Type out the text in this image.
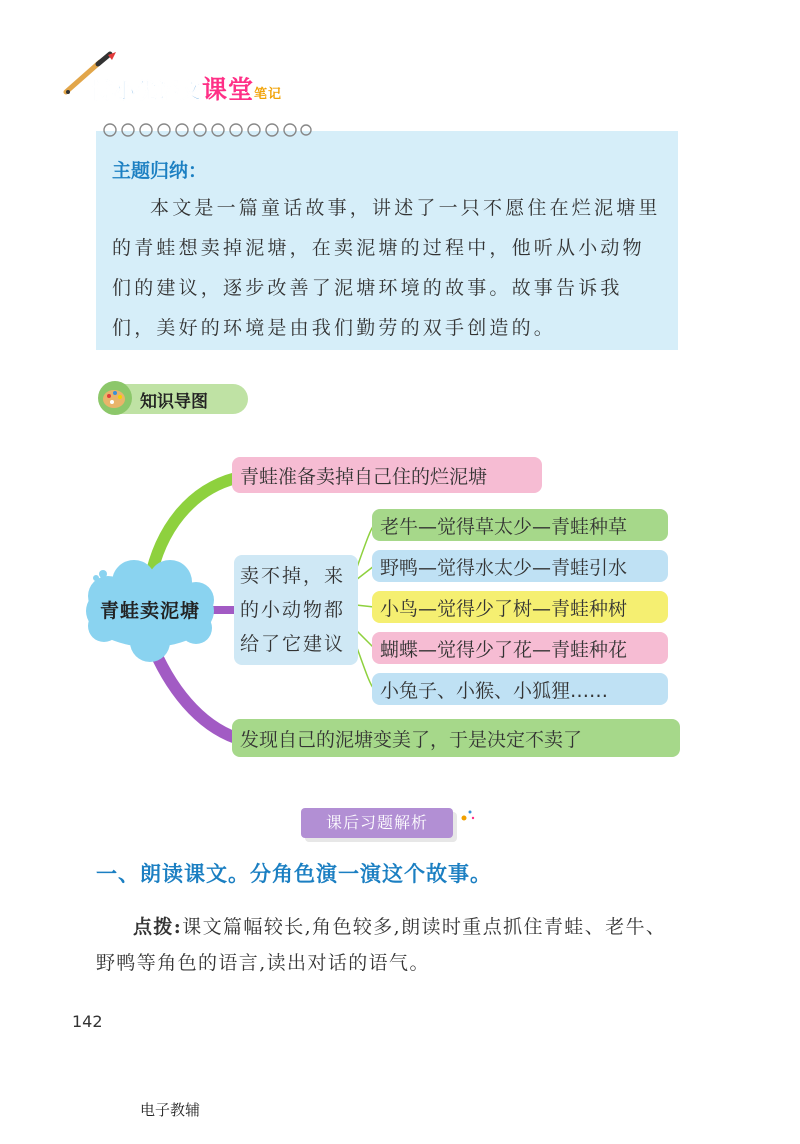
博小优语文课堂笔记
主题归纳：
本文是一篇童话故事，讲述了一只不愿住在烂泥塘里的青蛙想卖掉泥塘，在卖泥塘的过程中，他听从小动物们的建议，逐步改善了泥塘环境的故事。故事告诉我们，美好的环境是由我们勤劳的双手创造的。
知识导图
青蛙卖泥塘
青蛙准备卖掉自己住的烂泥塘
卖不掉，来的小动物都给了它建议
老牛—觉得草太少—青蛙种草
野鸭—觉得水太少—青蛙引水
小鸟—觉得少了树—青蛙种树
蝴蝶—觉得少了花—青蛙种花
小兔子、小猴、小狐狸……
发现自己的泥塘变美了，于是决定不卖了
课后习题解析
一、朗读课文。分角色演一演这个故事。
点拨:课文篇幅较长,角色较多,朗读时重点抓住青蛙、老牛、
野鸭等角色的语言,读出对话的语气。
142
电子教辅
